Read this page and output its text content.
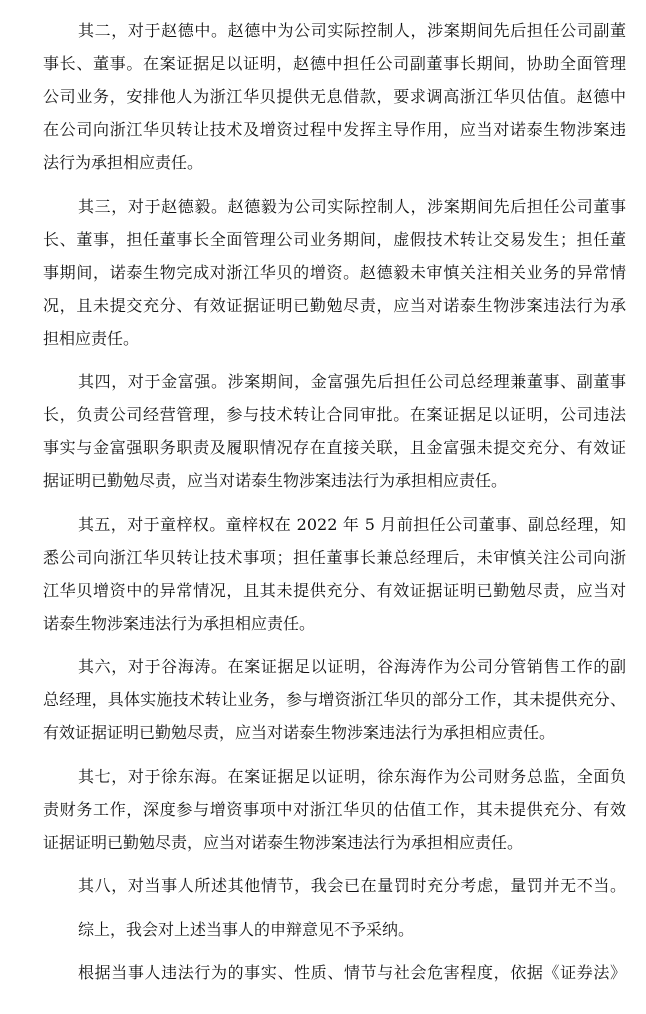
其二，对于赵德中。赵德中为公司实际控制人，涉案期间先后担任公司副董
事长、董事。在案证据足以证明，赵德中担任公司副董事长期间，协助全面管理
公司业务，安排他人为浙江华贝提供无息借款，要求调高浙江华贝估值。赵德中
在公司向浙江华贝转让技术及增资过程中发挥主导作用，应当对诺泰生物涉案违
法行为承担相应责任。
其三，对于赵德毅。赵德毅为公司实际控制人，涉案期间先后担任公司董事
长、董事，担任董事长全面管理公司业务期间，虚假技术转让交易发生；担任董
事期间，诺泰生物完成对浙江华贝的增资。赵德毅未审慎关注相关业务的异常情
况，且未提交充分、有效证据证明已勤勉尽责，应当对诺泰生物涉案违法行为承
担相应责任。
其四，对于金富强。涉案期间，金富强先后担任公司总经理兼董事、副董事
长，负责公司经营管理，参与技术转让合同审批。在案证据足以证明，公司违法
事实与金富强职务职责及履职情况存在直接关联，且金富强未提交充分、有效证
据证明已勤勉尽责，应当对诺泰生物涉案违法行为承担相应责任。
其五，对于童梓权。童梓权在 2022 年 5 月前担任公司董事、副总经理，知
悉公司向浙江华贝转让技术事项；担任董事长兼总经理后，未审慎关注公司向浙
江华贝增资中的异常情况，且其未提供充分、有效证据证明已勤勉尽责，应当对
诺泰生物涉案违法行为承担相应责任。
其六，对于谷海涛。在案证据足以证明，谷海涛作为公司分管销售工作的副
总经理，具体实施技术转让业务，参与增资浙江华贝的部分工作，其未提供充分、
有效证据证明已勤勉尽责，应当对诺泰生物涉案违法行为承担相应责任。
其七，对于徐东海。在案证据足以证明，徐东海作为公司财务总监，全面负
责财务工作，深度参与增资事项中对浙江华贝的估值工作，其未提供充分、有效
证据证明已勤勉尽责，应当对诺泰生物涉案违法行为承担相应责任。
其八，对当事人所述其他情节，我会已在量罚时充分考虑，量罚并无不当。
综上，我会对上述当事人的申辩意见不予采纳。
根据当事人违法行为的事实、性质、情节与社会危害程度，依据《证券法》
